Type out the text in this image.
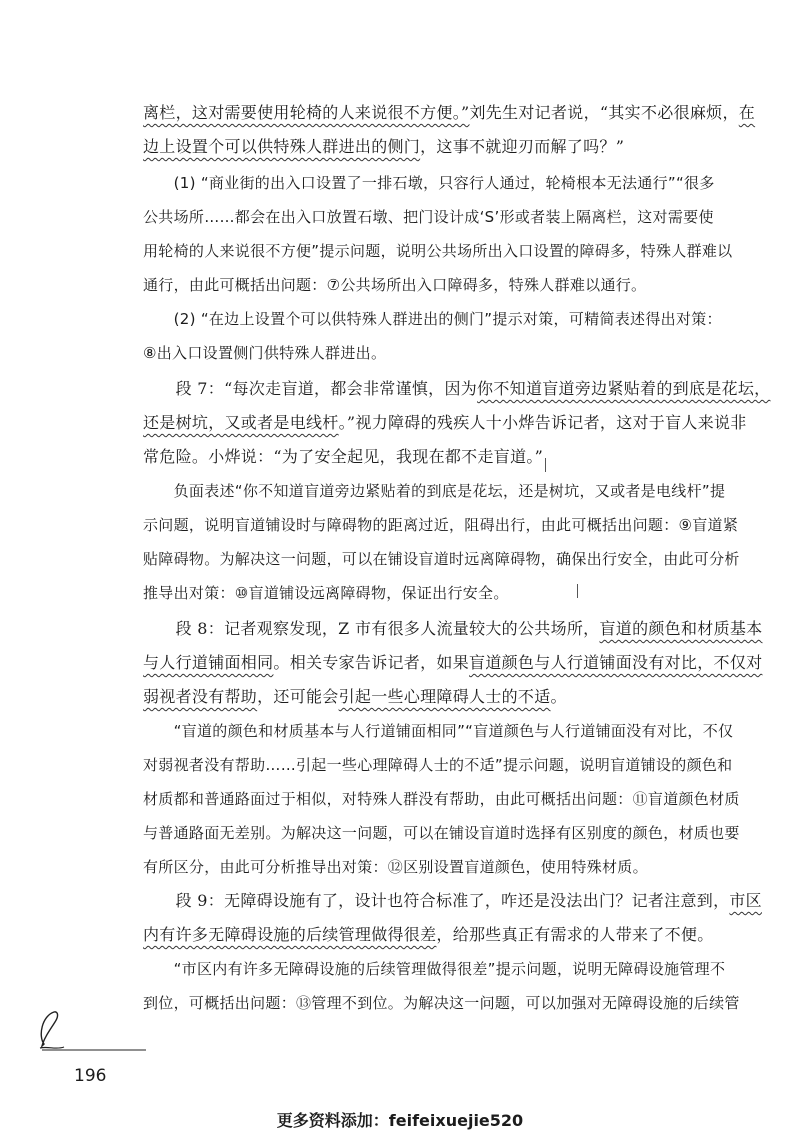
离栏，这对需要使用轮椅的人来说很不方便。”刘先生对记者说，“其实不必很麻烦，在
边上设置个可以供特殊人群进出的侧门，这事不就迎刃而解了吗？”
　　(1) “商业街的出入口设置了一排石墩，只容行人通过，轮椅根本无法通行”“很多
公共场所……都会在出入口放置石墩、把门设计成‘S’形或者装上隔离栏，这对需要使
用轮椅的人来说很不方便”提示问题，说明公共场所出入口设置的障碍多，特殊人群难以
通行，由此可概括出问题：⑦公共场所出入口障碍多，特殊人群难以通行。
　　(2) “在边上设置个可以供特殊人群进出的侧门”提示对策，可精简表述得出对策：
⑧出入口设置侧门供特殊人群进出。
　　段 7：“每次走盲道，都会非常谨慎，因为你不知道盲道旁边紧贴着的到底是花坛，
还是树坑，又或者是电线杆。”视力障碍的残疾人十小烨告诉记者，这对于盲人来说非
常危险。小烨说：“为了安全起见，我现在都不走盲道。”
　　负面表述“你不知道盲道旁边紧贴着的到底是花坛，还是树坑，又或者是电线杆”提
示问题，说明盲道铺设时与障碍物的距离过近，阻碍出行，由此可概括出问题：⑨盲道紧
贴障碍物。为解决这一问题，可以在铺设盲道时远离障碍物，确保出行安全，由此可分析
推导出对策：⑩盲道铺设远离障碍物，保证出行安全。
　　段 8：记者观察发现，Z 市有很多人流量较大的公共场所，盲道的颜色和材质基本
与人行道铺面相同。相关专家告诉记者，如果盲道颜色与人行道铺面没有对比，不仅对
弱视者没有帮助，还可能会引起一些心理障碍人士的不适。
　　“盲道的颜色和材质基本与人行道铺面相同”“盲道颜色与人行道铺面没有对比，不仅
对弱视者没有帮助……引起一些心理障碍人士的不适”提示问题，说明盲道铺设的颜色和
材质都和普通路面过于相似，对特殊人群没有帮助，由此可概括出问题：⑪盲道颜色材质
与普通路面无差别。为解决这一问题，可以在铺设盲道时选择有区别度的颜色，材质也要
有所区分，由此可分析推导出对策：⑫区别设置盲道颜色，使用特殊材质。
　　段 9：无障碍设施有了，设计也符合标准了，咋还是没法出门？记者注意到，市区
内有许多无障碍设施的后续管理做得很差，给那些真正有需求的人带来了不便。
　　“市区内有许多无障碍设施的后续管理做得很差”提示问题，说明无障碍设施管理不
到位，可概括出问题：⑬管理不到位。为解决这一问题，可以加强对无障碍设施的后续管
196
更多资料添加：feifeixuejie520
